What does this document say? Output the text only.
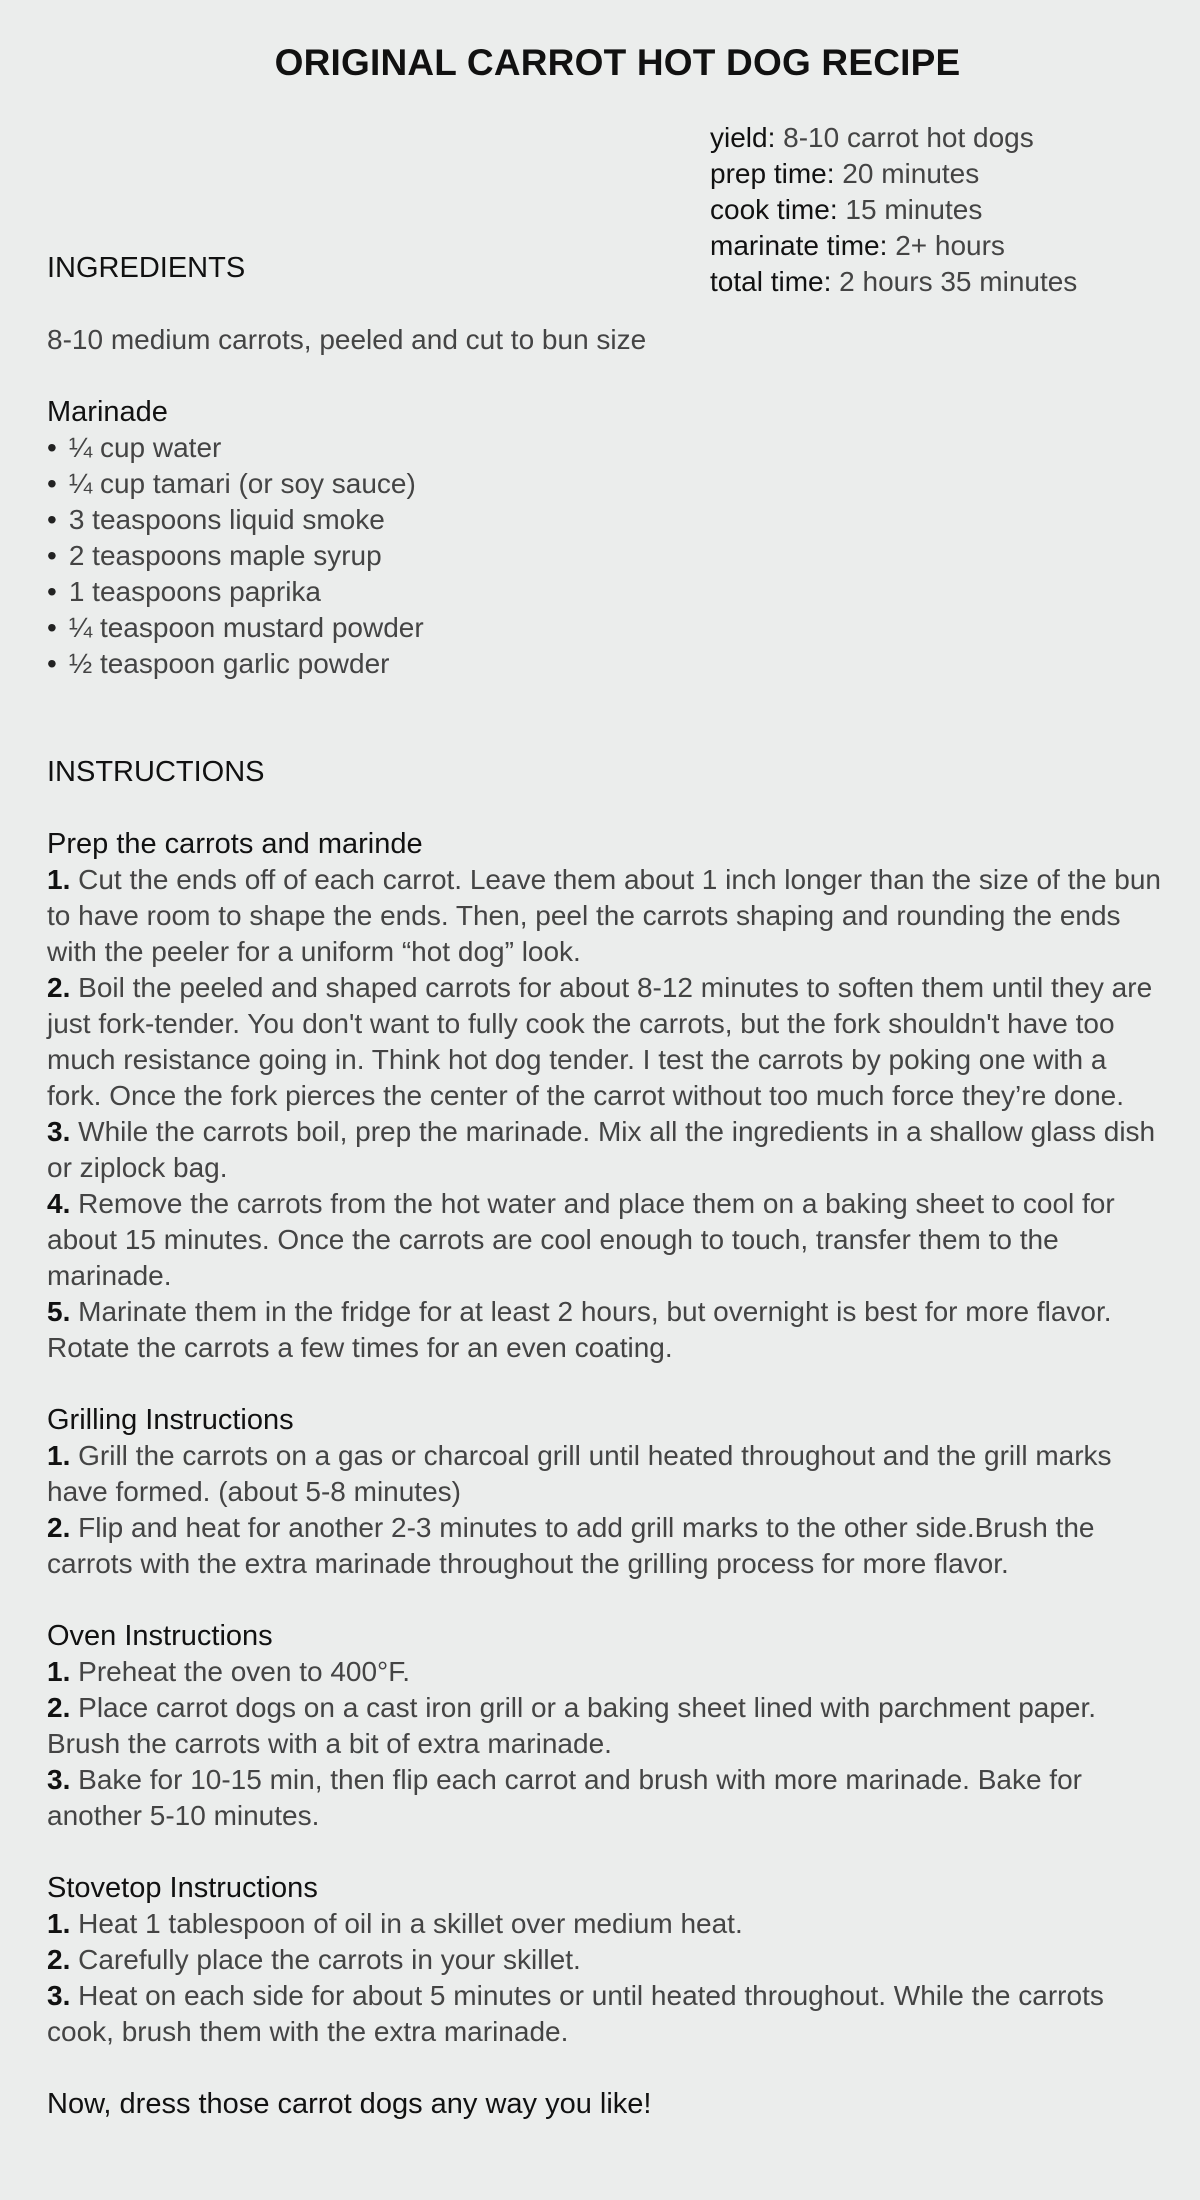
ORIGINAL CARROT HOT DOG RECIPE
yield: 8-10 carrot hot dogs
prep time: 20 minutes
cook time: 15 minutes
marinate time: 2+ hours
total time: 2 hours 35 minutes
INGREDIENTS
8-10 medium carrots, peeled and cut to bun size
Marinade
• ¼ cup water
• ¼ cup tamari (or soy sauce)
• 3 teaspoons liquid smoke
• 2 teaspoons maple syrup
• 1 teaspoons paprika
• ¼ teaspoon mustard powder
• ½ teaspoon garlic powder
INSTRUCTIONS
Prep the carrots and marinde
1. Cut the ends off of each carrot. Leave them about 1 inch longer than the size of the bun to have room to shape the ends. Then, peel the carrots shaping and rounding the ends with the peeler for a uniform “hot dog” look.
2. Boil the peeled and shaped carrots for about 8-12 minutes to soften them until they are just fork-tender. You don't want to fully cook the carrots, but the fork shouldn't have too much resistance going in. Think hot dog tender. I test the carrots by poking one with a fork. Once the fork pierces the center of the carrot without too much force they’re done.
3. While the carrots boil, prep the marinade. Mix all the ingredients in a shallow glass dish or ziplock bag.
4. Remove the carrots from the hot water and place them on a baking sheet to cool for about 15 minutes. Once the carrots are cool enough to touch, transfer them to the marinade.
5. Marinate them in the fridge for at least 2 hours, but overnight is best for more flavor. Rotate the carrots a few times for an even coating.
Grilling Instructions
1. Grill the carrots on a gas or charcoal grill until heated throughout and the grill marks have formed. (about 5-8 minutes)
2. Flip and heat for another 2-3 minutes to add grill marks to the other side.Brush the carrots with the extra marinade throughout the grilling process for more flavor.
Oven Instructions
1. Preheat the oven to 400°F.
2. Place carrot dogs on a cast iron grill or a baking sheet lined with parchment paper. Brush the carrots with a bit of extra marinade.
3. Bake for 10-15 min, then flip each carrot and brush with more marinade. Bake for another 5-10 minutes.
Stovetop Instructions
1. Heat 1 tablespoon of oil in a skillet over medium heat.
2. Carefully place the carrots in your skillet.
3. Heat on each side for about 5 minutes or until heated throughout. While the carrots cook, brush them with the extra marinade.
Now, dress those carrot dogs any way you like!
